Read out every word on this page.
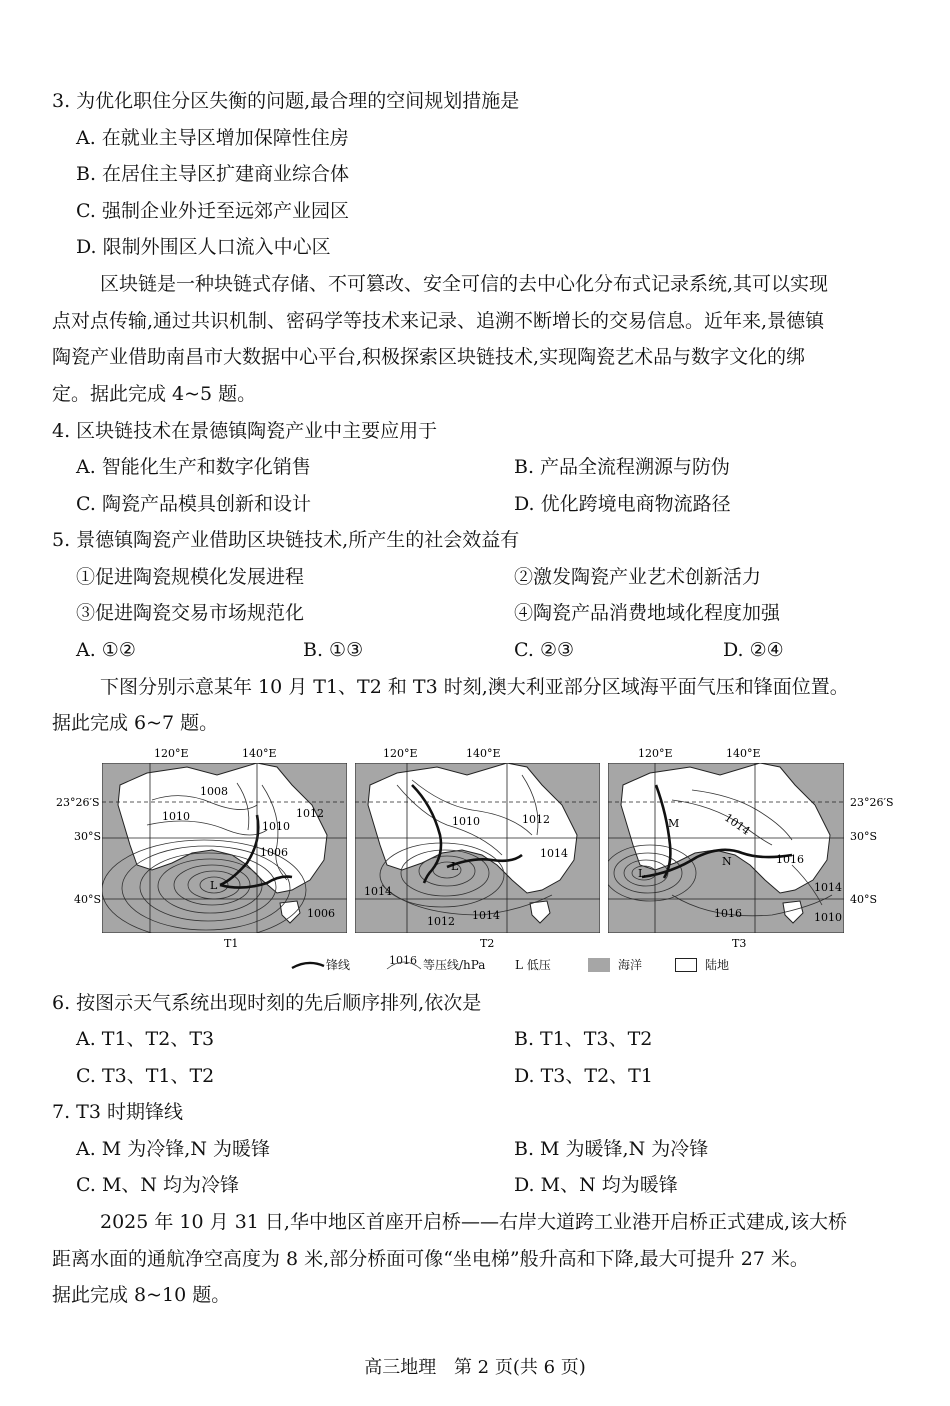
3. 为优化职住分区失衡的问题,最合理的空间规划措施是
A. 在就业主导区增加保障性住房
B. 在居住主导区扩建商业综合体
C. 强制企业外迁至远郊产业园区
D. 限制外围区人口流入中心区
区块链是一种块链式存储、不可篡改、安全可信的去中心化分布式记录系统,其可以实现
点对点传输,通过共识机制、密码学等技术来记录、追溯不断增长的交易信息。近年来,景德镇
陶瓷产业借助南昌市大数据中心平台,积极探索区块链技术,实现陶瓷艺术品与数字文化的绑
定。据此完成 4~5 题。
4. 区块链技术在景德镇陶瓷产业中主要应用于
A. 智能化生产和数字化销售	B. 产品全流程溯源与防伪
C. 陶瓷产品模具创新和设计	D. 优化跨境电商物流路径
5. 景德镇陶瓷产业借助区块链技术,所产生的社会效益有
①促进陶瓷规模化发展进程	②激发陶瓷产业艺术创新活力
③促进陶瓷交易市场规范化	④陶瓷产品消费地域化程度加强
A. ①②	B. ①③	C. ②③	D. ②④
下图分别示意某年 10 月 T1、T2 和 T3 时刻,澳大利亚部分区域海平面气压和锋面位置。
据此完成 6~7 题。
120°E	140°E	120°E	140°E	120°E	140°E
23°26′S
30°S
40°S
23°26′S
30°S
40°S
1008
1010	1012
1010
1006
1006
L
T1
1010	1012
1014
1014
1012 1014
L
T2
1014
1016
1014
1016	1010
M
N
L
T3
锋线	1016 等压线/hPa L 低压	海洋	陆地
6. 按图示天气系统出现时刻的先后顺序排列,依次是
A. T1、T2、T3	B. T1、T3、T2
C. T3、T1、T2	D. T3、T2、T1
7. T3 时期锋线
A. M 为冷锋,N 为暖锋	B. M 为暖锋,N 为冷锋
C. M、N 均为冷锋	D. M、N 均为暖锋
2025 年 10 月 31 日,华中地区首座开启桥——右岸大道跨工业港开启桥正式建成,该大桥
距离水面的通航净空高度为 8 米,部分桥面可像“坐电梯”般升高和下降,最大可提升 27 米。
据此完成 8~10 题。
高三地理 第 2 页(共 6 页)
